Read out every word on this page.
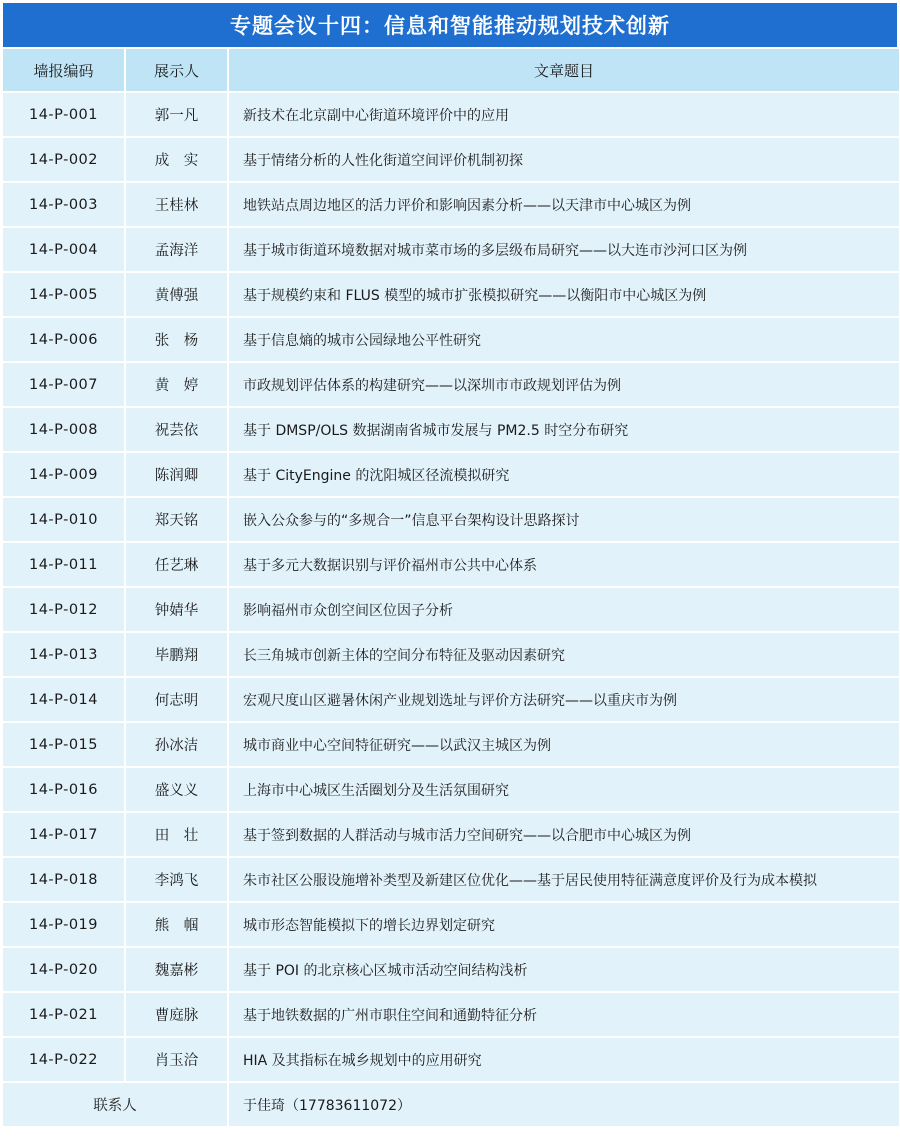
专题会议十四：信息和智能推动规划技术创新
墙报编码	展示人	文章题目
14-P-001	郭一凡	新技术在北京副中心街道环境评价中的应用
14-P-002	成　实	基于情绪分析的人性化街道空间评价机制初探
14-P-003	王桂林	地铁站点周边地区的活力评价和影响因素分析——以天津市中心城区为例
14-P-004	孟海洋	基于城市街道环境数据对城市菜市场的多层级布局研究——以大连市沙河口区为例
14-P-005	黄傅强	基于规模约束和 FLUS 模型的城市扩张模拟研究——以衡阳市中心城区为例
14-P-006	张　杨	基于信息熵的城市公园绿地公平性研究
14-P-007	黄　婷	市政规划评估体系的构建研究——以深圳市市政规划评估为例
14-P-008	祝芸依	基于 DMSP/OLS 数据湖南省城市发展与 PM2.5 时空分布研究
14-P-009	陈润卿	基于 CityEngine 的沈阳城区径流模拟研究
14-P-010	郑天铭	嵌入公众参与的“多规合一”信息平台架构设计思路探讨
14-P-011	任艺琳	基于多元大数据识别与评价福州市公共中心体系
14-P-012	钟婧华	影响福州市众创空间区位因子分析
14-P-013	毕鹏翔	长三角城市创新主体的空间分布特征及驱动因素研究
14-P-014	何志明	宏观尺度山区避暑休闲产业规划选址与评价方法研究——以重庆市为例
14-P-015	孙冰洁	城市商业中心空间特征研究——以武汉主城区为例
14-P-016	盛义义	上海市中心城区生活圈划分及生活氛围研究
14-P-017	田　壮	基于签到数据的人群活动与城市活力空间研究——以合肥市中心城区为例
14-P-018	李鸿飞	朱市社区公服设施增补类型及新建区位优化——基于居民使用特征满意度评价及行为成本模拟
14-P-019	熊　帼	城市形态智能模拟下的增长边界划定研究
14-P-020	魏嘉彬	基于 POI 的北京核心区城市活动空间结构浅析
14-P-021	曹庭脉	基于地铁数据的广州市职住空间和通勤特征分析
14-P-022	肖玉洽	HIA 及其指标在城乡规划中的应用研究
联系人	于佳琦（17783611072）
